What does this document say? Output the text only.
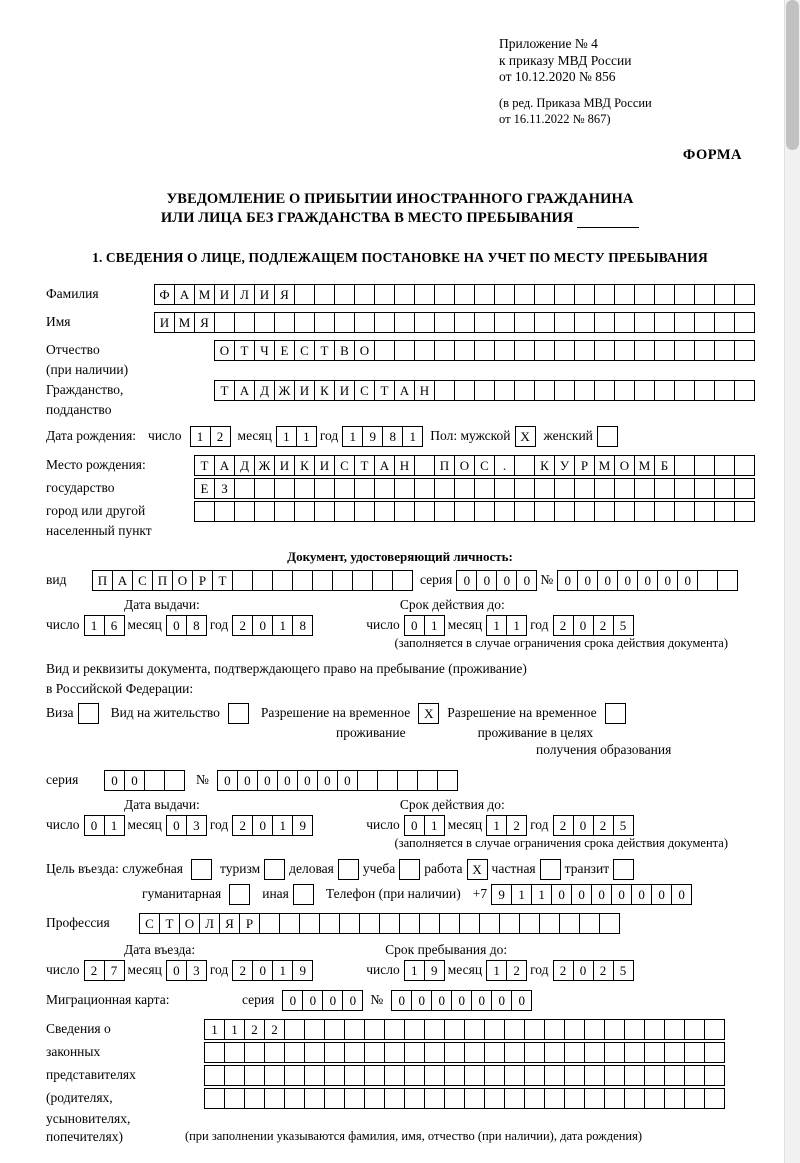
Приложение № 4
к приказу МВД России
от 10.12.2020 № 856
(в ред. Приказа МВД России
от 16.11.2022 № 867)
ФОРМА
УВЕДОМЛЕНИЕ О ПРИБЫТИИ ИНОСТРАННОГО ГРАЖДАНИНА
ИЛИ ЛИЦА БЕЗ ГРАЖДАНСТВА В МЕСТО ПРЕБЫВАНИЯ
1. СВЕДЕНИЯ О ЛИЦЕ, ПОДЛЕЖАЩЕМ ПОСТАНОВКЕ НА УЧЕТ ПО МЕСТУ ПРЕБЫВАНИЯ
Фамилия	Ф А М И Л И Я
Имя	И М Я
Отчество	О Т Ч Е С Т В О
(при наличии)
Гражданство,	Т А Д Ж И К И С Т А Н
подданство
Дата рождения: число	1	2	месяц 1	1 год 1	9	8	1	Пол: мужской Х	женский
Место рождения:	Т А Д Ж И К И С Т А Н	П О С	.	К У Р М О М Б
государство	Е З
город или другой
населенный пункт
Документ, удостоверяющий личность:
вид	П А С П О Р Т	серия 0	0	0	0 № 0	0	0	0	0	0	0
Дата выдачи:	Срок действия до:
число 1	6 месяц 0	8 год 2	0	1	8	число 0	1 месяц 1	1 год 2	0	2	5
(заполняется в случае ограничения срока действия документа)
Вид и реквизиты документа, подтверждающего право на пребывание (проживание)
в Российской Федерации:
Виза	Вид на жительство	Разрешение на временное	Х	Разрешение на временное
проживание	проживание в целях
получения образования
серия	0	0	№	0	0	0	0	0	0	0
Дата выдачи:	Срок действия до:
число 0	1 месяц 0	3 год 2	0	1	9	число 0	1 месяц 1	2 год 2	0	2	5
(заполняется в случае ограничения срока действия документа)
Цель въезда: служебная	туризм деловая учеба работа Х частная транзит
гуманитарная	иная	Телефон (при наличии) +7 9	1	1	0	0	0	0	0	0	0
Профессия	С Т О Л Я Р
Дата въезда:	Срок пребывания до:
число 2	7 месяц 0	3 год 2	0	1	9	число 1	9 месяц 1	2 год 2	0	2	5
Миграционная карта:	серия	0	0	0	0	№	0	0	0	0	0	0	0
Сведения о	1	1	2	2
законных
представителях
(родителях,
усыновителях,
попечителях)	(при заполнении указываются фамилия, имя, отчество (при наличии), дата рождения)
